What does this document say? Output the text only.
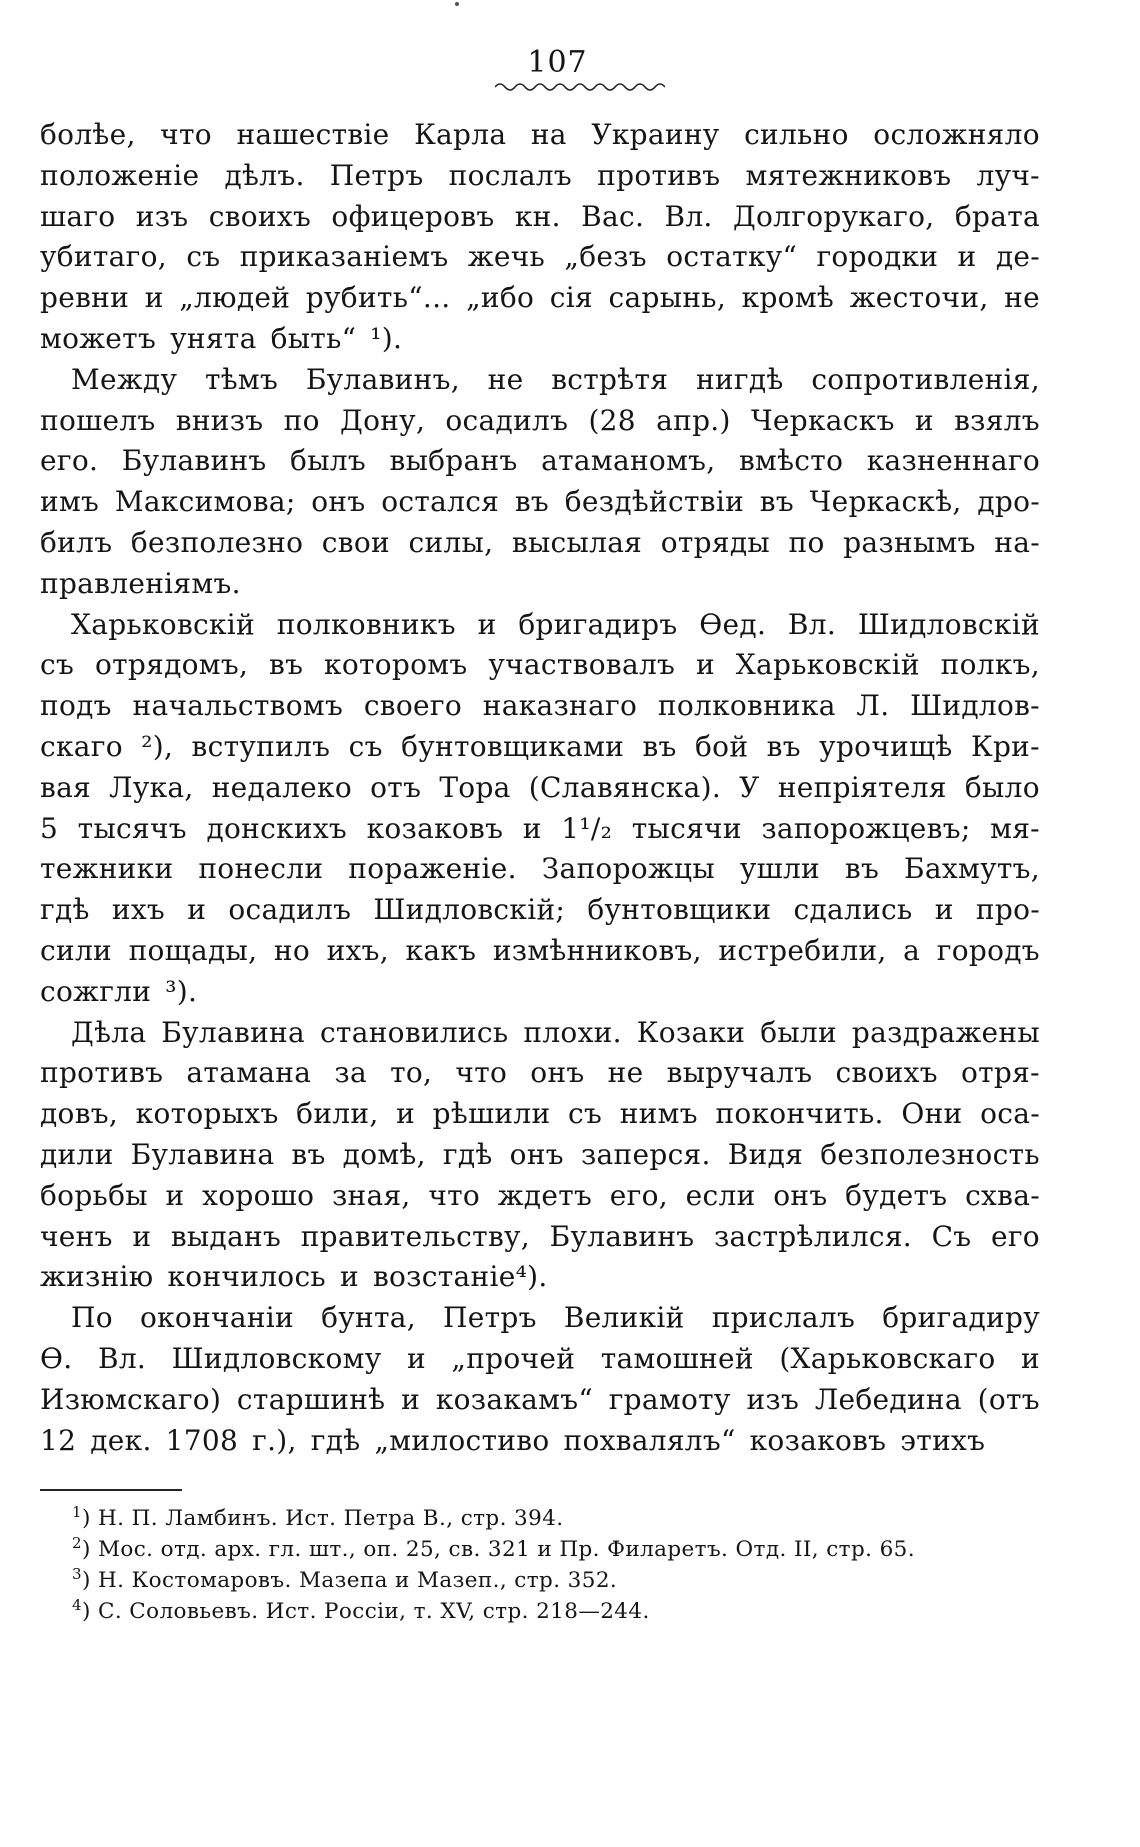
107
болѣе, что нашествіе Карла на Украину сильно осложняло
положеніе дѣлъ. Петръ послалъ противъ мятежниковъ луч-
шаго изъ своихъ офицеровъ кн. Вас. Вл. Долгорукаго, брата
убитаго, съ приказаніемъ жечь „безъ остатку“ городки и де-
ревни и „людей рубить“... „ибо сія сарынь, кромѣ жесточи, не
можетъ унята быть“ ¹).
Между тѣмъ Булавинъ, не встрѣтя нигдѣ сопротивленія,
пошелъ внизъ по Дону, осадилъ (28 апр.) Черкаскъ и взялъ
его. Булавинъ былъ выбранъ атаманомъ, вмѣсто казненнаго
имъ Максимова; онъ остался въ бездѣйствіи въ Черкаскѣ, дро-
билъ безполезно свои силы, высылая отряды по разнымъ на-
правленіямъ.
Харьковскій полковникъ и бригадиръ Ѳед. Вл. Шидловскій
съ отрядомъ, въ которомъ участвовалъ и Харьковскій полкъ,
подъ начальствомъ своего наказнаго полковника Л. Шидлов-
скаго ²), вступилъ съ бунтовщиками въ бой въ урочищѣ Кри-
вая Лука, недалеко отъ Тора (Славянска). У непріятеля было
5 тысячъ донскихъ козаковъ и 1¹/₂ тысячи запорожцевъ; мя-
тежники понесли пораженіе. Запорожцы ушли въ Бахмутъ,
гдѣ ихъ и осадилъ Шидловскій; бунтовщики сдались и про-
сили пощады, но ихъ, какъ измѣнниковъ, истребили, а городъ
сожгли ³).
Дѣла Булавина становились плохи. Козаки были раздражены
противъ атамана за то, что онъ не выручалъ своихъ отря-
довъ, которыхъ били, и рѣшили съ нимъ покончить. Они оса-
дили Булавина въ домѣ, гдѣ онъ заперся. Видя безполезность
борьбы и хорошо зная, что ждетъ его, если онъ будетъ схва-
ченъ и выданъ правительству, Булавинъ застрѣлился. Съ его
жизнію кончилось и возстаніе⁴).
По окончаніи бунта, Петръ Великій прислалъ бригадиру
Ѳ. Вл. Шидловскому и „прочей тамошней (Харьковскаго и
Изюмскаго) старшинѣ и козакамъ“ грамоту изъ Лебедина (отъ
12 дек. 1708 г.), гдѣ „милостиво похвалялъ“ козаковъ этихъ
$^1$) Н. П. Ламбинъ. Ист. Петра В., стр. 394.
$^2$) Мос. отд. арх. гл. шт., оп. 25, св. 321 и Пр. Филаретъ. Отд. II, стр. 65.
$^3$) Н. Костомаровъ. Мазепа и Мазеп., стр. 352.
$^4$) С. Соловьевъ. Ист. Россіи, т. XV, стр. 218—244.
